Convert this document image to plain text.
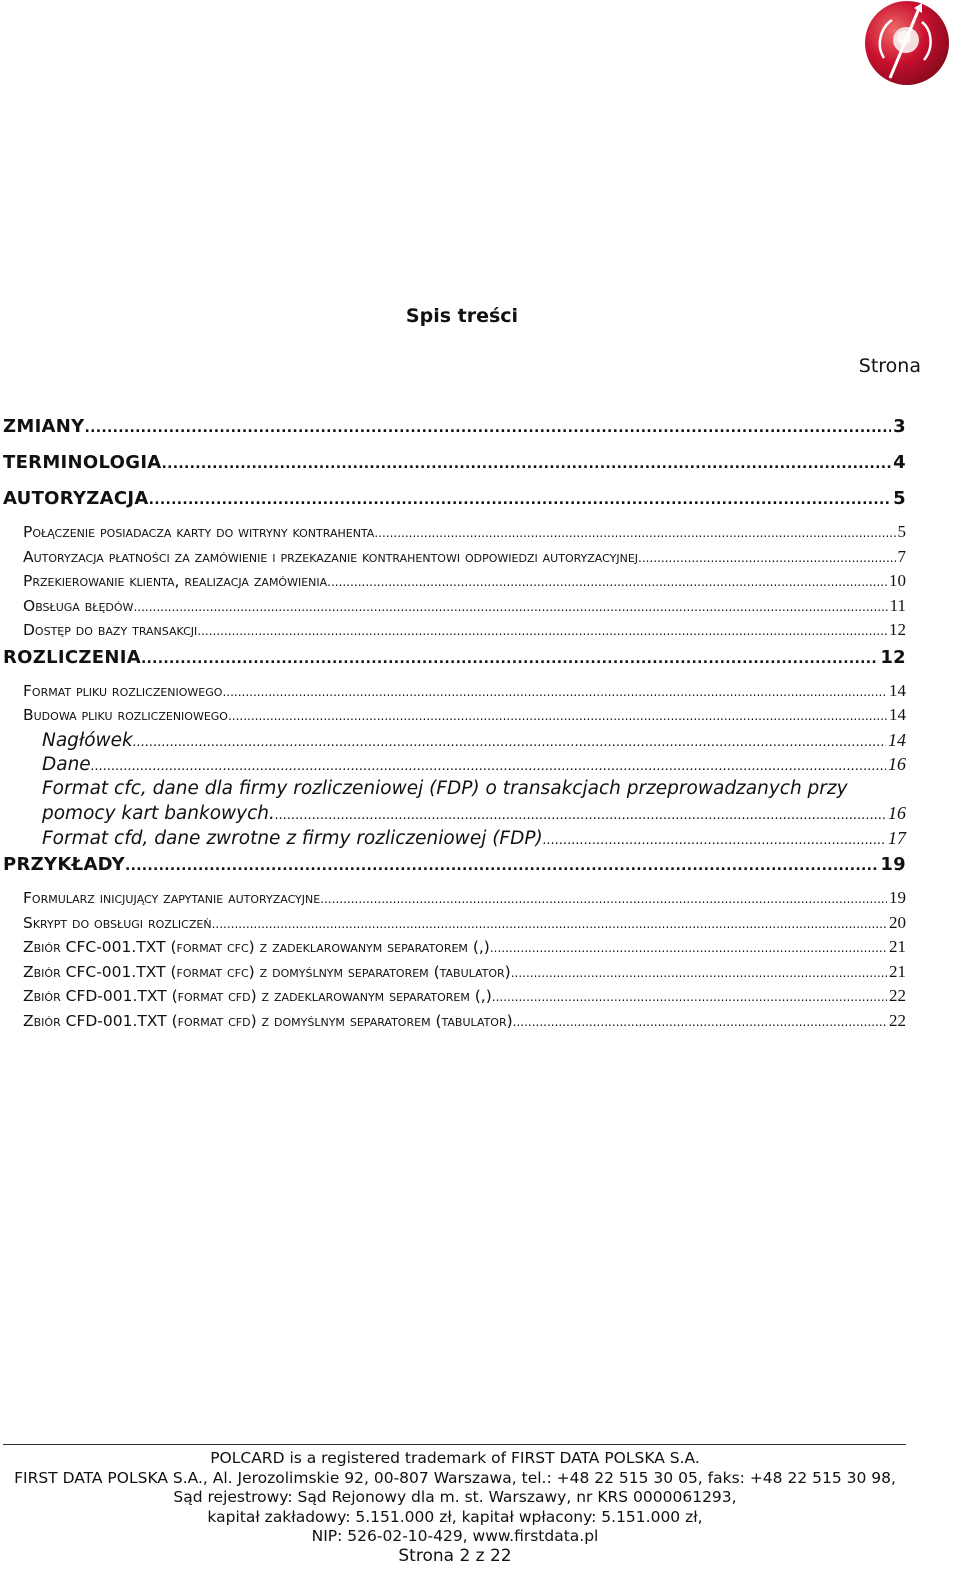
Spis treści
Strona
ZMIANY .....	3
TERMINOLOGIA .....	4
AUTORYZACJA .....	5
Połączenie posiadacza karty do witryny kontrahenta .....	5
Autoryzacja płatności za zamówienie i przekazanie kontrahentowi odpowiedzi autoryzacyjnej .....	7
Przekierowanie klienta, realizacja zamówienia .....	10
Obsługa błędów .....	11
Dostęp do bazy transakcji .....	12
ROZLICZENIA .....	12
Format pliku rozliczeniowego .....	14
Budowa pliku rozliczeniowego .....	14
Nagłówek .....	14
Dane .....	16
Format cfc, dane dla firmy rozliczeniowej (FDP) o transakcjach przeprowadzanych przy
pomocy kart bankowych. .....	16
Format cfd, dane zwrotne z firmy rozliczeniowej (FDP) .....	17
PRZYKŁADY .....	19
Formularz inicjujący zapytanie autoryzacyjne .....	19
Skrypt do obsługi rozliczeń .....	20
Zbiór CFC-001.TXT (format cfc) z zadeklarowanym separatorem (,) .....	21
Zbiór CFC-001.TXT (format cfc) z domyślnym separatorem (tabulator) .....	21
Zbiór CFD-001.TXT (format cfd) z zadeklarowanym separatorem (,) .....	22
Zbiór CFD-001.TXT (format cfd) z domyślnym separatorem (tabulator) .....	22
POLCARD is a registered trademark of FIRST DATA POLSKA S.A.
FIRST DATA POLSKA S.A., Al. Jerozolimskie 92, 00-807 Warszawa, tel.: +48 22 515 30 05, faks: +48 22 515 30 98,
Sąd rejestrowy: Sąd Rejonowy dla m. st. Warszawy, nr KRS 0000061293,
kapitał zakładowy: 5.151.000 zł, kapitał wpłacony: 5.151.000 zł,
NIP: 526-02-10-429, www.firstdata.pl
Strona 2 z 22
